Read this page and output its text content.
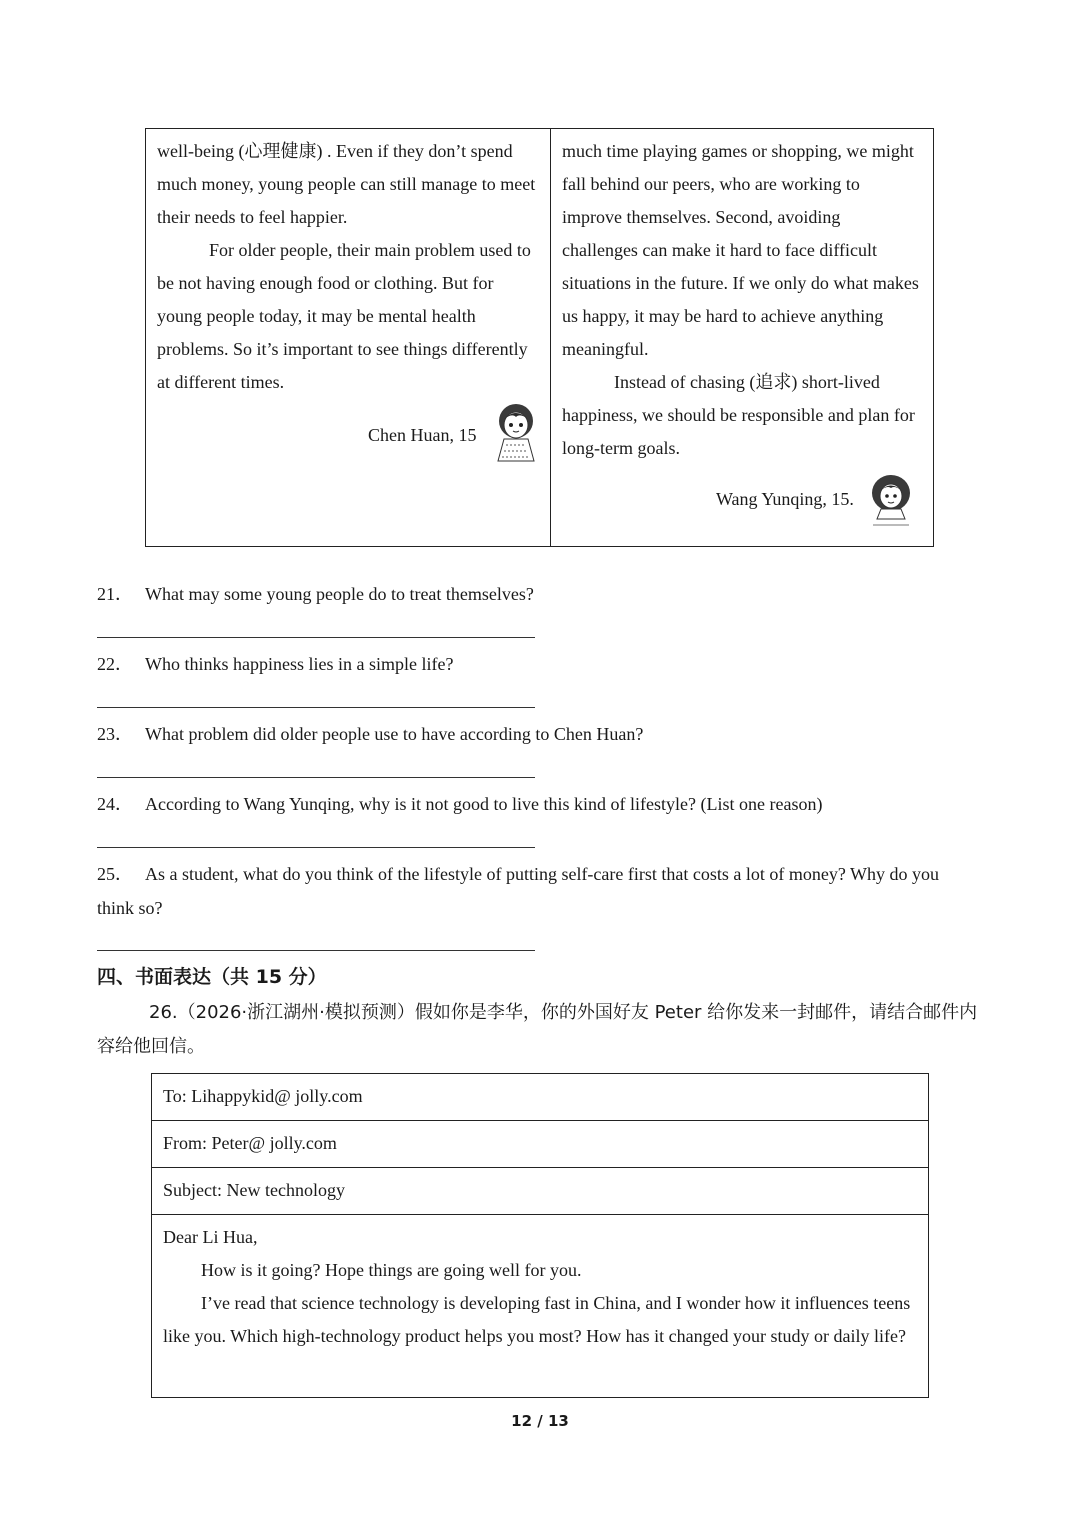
well-being (心理健康) . Even if they don’t spend much money, young people can still manage to meet their needs to feel happier.

For older people, their main problem used to be not having enough food or clothing. But for young people today, it may be mental health problems. So it’s important to see things differently at different times.

Chen Huan, 15

much time playing games or shopping, we might fall behind our peers, who are working to improve themselves. Second, avoiding challenges can make it hard to face difficult situations in the future. If we only do what makes us happy, it may be hard to achieve anything meaningful.

Instead of chasing (追求) short-lived happiness, we should be responsible and plan for long-term goals.

Wang Yunqing, 15.
21． What may some young people do to treat themselves?
22． Who thinks happiness lies in a simple life?
23． What problem did older people use to have according to Chen Huan?
24． According to Wang Yunqing, why is it not good to live this kind of lifestyle? (List one reason)
25． As a student, what do you think of the lifestyle of putting self-care first that costs a lot of money? Why do you think so?
四、书面表达（共 15 分）
26.（2026·浙江湖州·模拟预测）假如你是李华，你的外国好友 Peter 给你发来一封邮件，请结合邮件内容给他回信。
To: Lihappykid@ jolly.com
From: Peter@ jolly.com
Subject: New technology

Dear Li Hua,

How is it going? Hope things are going well for you.

I’ve read that science technology is developing fast in China, and I wonder how it influences teens like you. Which high-technology product helps you most? How has it changed your study or daily life?

12 / 13
